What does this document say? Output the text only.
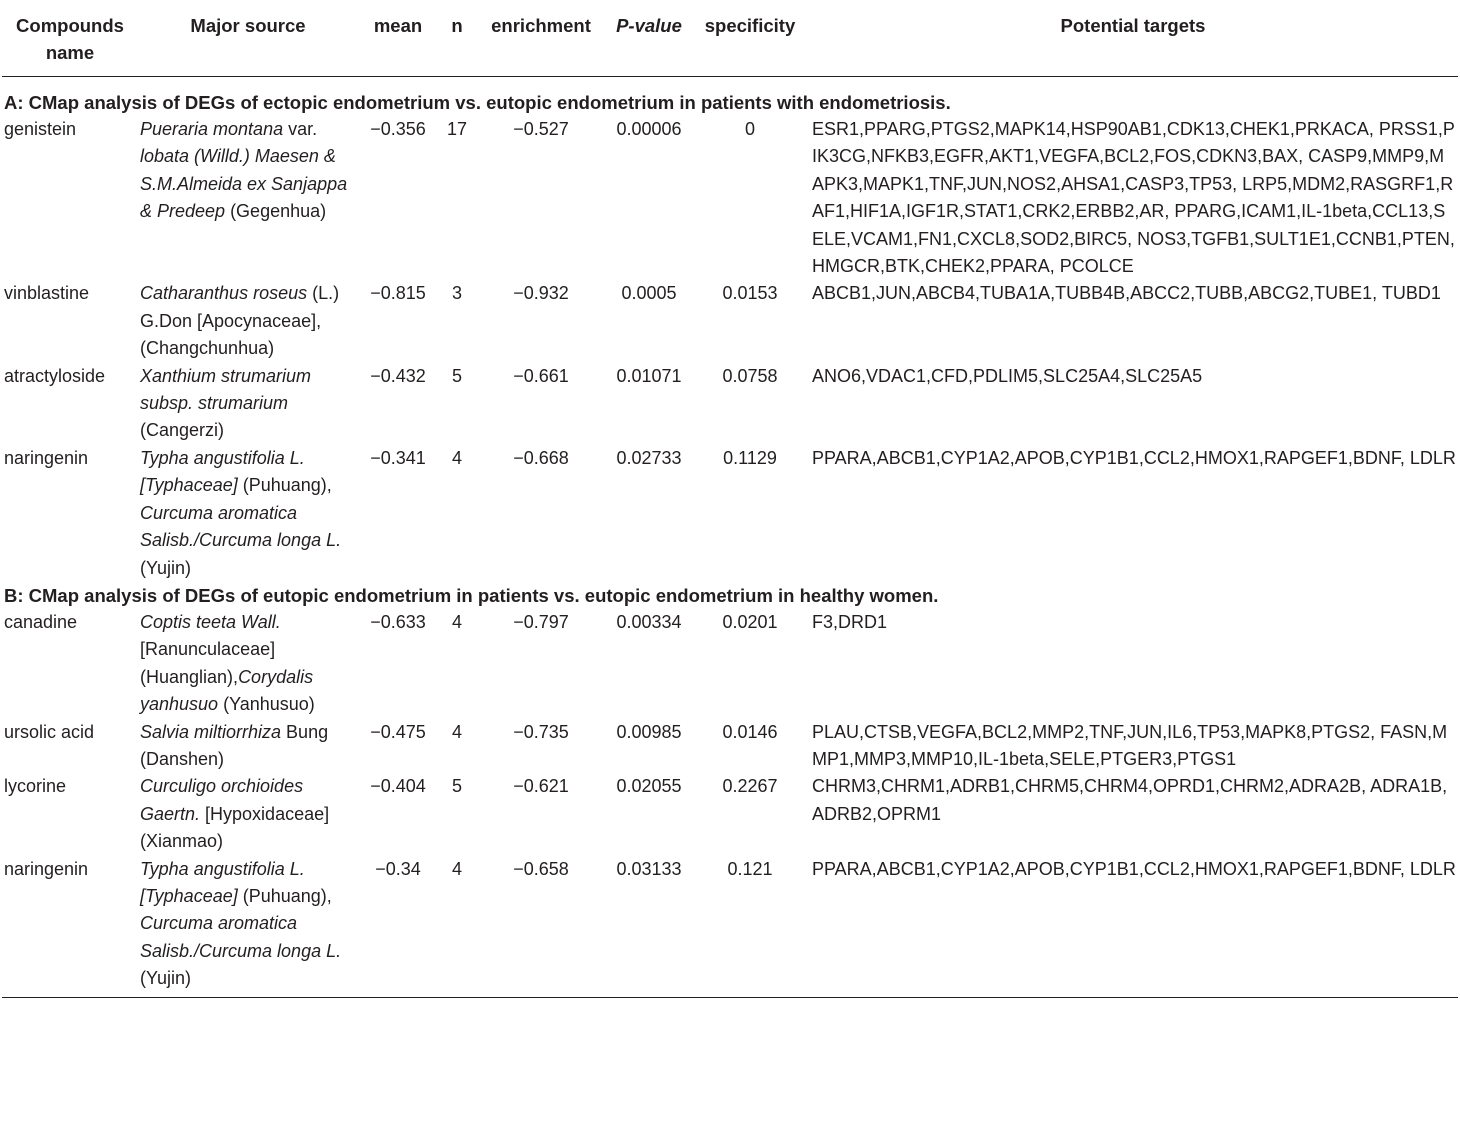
Compounds name	Major source	mean	n	enrichment	P-value	specificity	Potential targets
A: CMap analysis of DEGs of ectopic endometrium vs. eutopic endometrium in patients with endometriosis.							
genistein	Pueraria montana var. lobata (Willd.) Maesen & S.M.Almeida ex Sanjappa & Predeep (Gegenhua)	−0.356	17	−0.527	0.00006	0	ESR1,PPARG,PTGS2,MAPK14,HSP90AB1,CDK13,CHEK1,PRKACA, PRSS1,PIK3CG,NFKB3,EGFR,AKT1,VEGFA,BCL2,FOS,CDKN3,BAX, CASP9,MMP9,MAPK3,MAPK1,TNF,JUN,NOS2,AHSA1,CASP3,TP53, LRP5,MDM2,RASGRF1,RAF1,HIF1A,IGF1R,STAT1,CRK2,ERBB2,AR, PPARG,ICAM1,IL-1beta,CCL13,SELE,VCAM1,FN1,CXCL8,SOD2,BIRC5, NOS3,TGFB1,SULT1E1,CCNB1,PTEN,HMGCR,BTK,CHEK2,PPARA, PCOLCE
vinblastine	Catharanthus roseus (L.) G.Don [Apocynaceae], (Changchunhua)	−0.815	3	−0.932	0.0005	0.0153	ABCB1,JUN,ABCB4,TUBA1A,TUBB4B,ABCC2,TUBB,ABCG2,TUBE1, TUBD1
atractyloside	Xanthium strumarium subsp. strumarium (Cangerzi)	−0.432	5	−0.661	0.01071	0.0758	ANO6,VDAC1,CFD,PDLIM5,SLC25A4,SLC25A5
naringenin	Typha angustifolia L. [Typhaceae] (Puhuang), Curcuma aromatica Salisb./Curcuma longa L.(Yujin)	−0.341	4	−0.668	0.02733	0.1129	PPARA,ABCB1,CYP1A2,APOB,CYP1B1,CCL2,HMOX1,RAPGEF1,BDNF, LDLR
B: CMap analysis of DEGs of eutopic endometrium in patients vs. eutopic endometrium in healthy women.							
canadine	Coptis teeta Wall. [Ranunculaceae] (Huanglian),Corydalis yanhusuo (Yanhusuo)	−0.633	4	−0.797	0.00334	0.0201	F3,DRD1
ursolic acid	Salvia miltiorrhiza Bung (Danshen)	−0.475	4	−0.735	0.00985	0.0146	PLAU,CTSB,VEGFA,BCL2,MMP2,TNF,JUN,IL6,TP53,MAPK8,PTGS2, FASN,MMP1,MMP3,MMP10,IL-1beta,SELE,PTGER3,PTGS1
lycorine	Curculigo orchioides Gaertn. [Hypoxidaceae] (Xianmao)	−0.404	5	−0.621	0.02055	0.2267	CHRM3,CHRM1,ADRB1,CHRM5,CHRM4,OPRD1,CHRM2,ADRA2B, ADRA1B,ADRB2,OPRM1
naringenin	Typha angustifolia L. [Typhaceae] (Puhuang), Curcuma aromatica Salisb./Curcuma longa L. (Yujin)	−0.34	4	−0.658	0.03133	0.121	PPARA,ABCB1,CYP1A2,APOB,CYP1B1,CCL2,HMOX1,RAPGEF1,BDNF, LDLR
